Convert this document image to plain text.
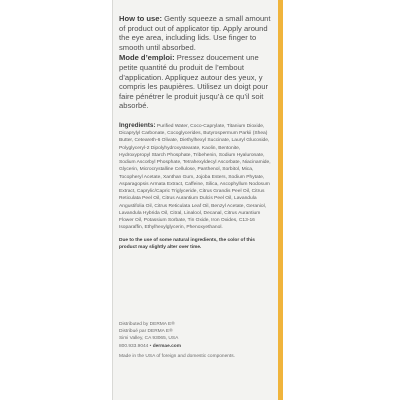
How to use: Gently squeeze a small amount of product out of applicator tip. Apply around the eye area, including lids. Use finger to smooth until absorbed.

Mode d’emploi: Pressez doucement une petite quantité du produit de l’embout d’application. Appliquez autour des yeux, y compris les paupières. Utilisez un doigt pour faire pénétrer le produit jusqu’à ce qu’il soit absorbé.

Ingredients: Purified Water, Coco-Caprylate, Titanium Dioxide, Dicaprylyl Carbonate, Cocoglycerides, Butyrospermum Parkii (Shea) Butter, Ceteareth-6 Olivate, Diethylhexyl Succinate, Lauryl Glucoside, Polyglyceryl-2 Dipolyhydroxystearate, Kaolin, Bentonite, Hydroxypropyl Starch Phosphate, Tribehenin, Sodium Hyaluronate, Sodium Ascorbyl Phosphate, Tetrahexyldecyl Ascorbate, Niacinamide, Glycerin, Microcrystalline Cellulose, Panthenol, Sorbitol, Mica, Tocopheryl Acetate, Xanthan Gum, Jojoba Esters, Sodium Phytate, Asparagopsis Armata Extract, Caffeine, Silica, Ascophyllum Nodosum Extract, Caprylic/Capric Triglyceride, Citrus Grandis Peel Oil, Citrus Reticulata Peel Oil, Citrus Aurantium Dulcis Peel Oil, Lavandula Angustifolia Oil, Citrus Reticulata Leaf Oil, Benzyl Acetate, Geraniol, Lavandula Hybrida Oil, Citral, Linalool, Decanal, Citrus Aurantium Flower Oil, Potassium Sorbate, Tin Oxide, Iron Oxides, C13-16 Isoparaffin, Ethylhexylglycerin, Phenoxyethanol.

Due to the use of some natural ingredients, the color of this product may slightly alter over time.

Distributed by DERMA E®
Distribué par DERMA E®
Simi Valley, CA 93065, USA
800.933.9044 • dermae.com
Made in the USA of foreign and domestic components.
